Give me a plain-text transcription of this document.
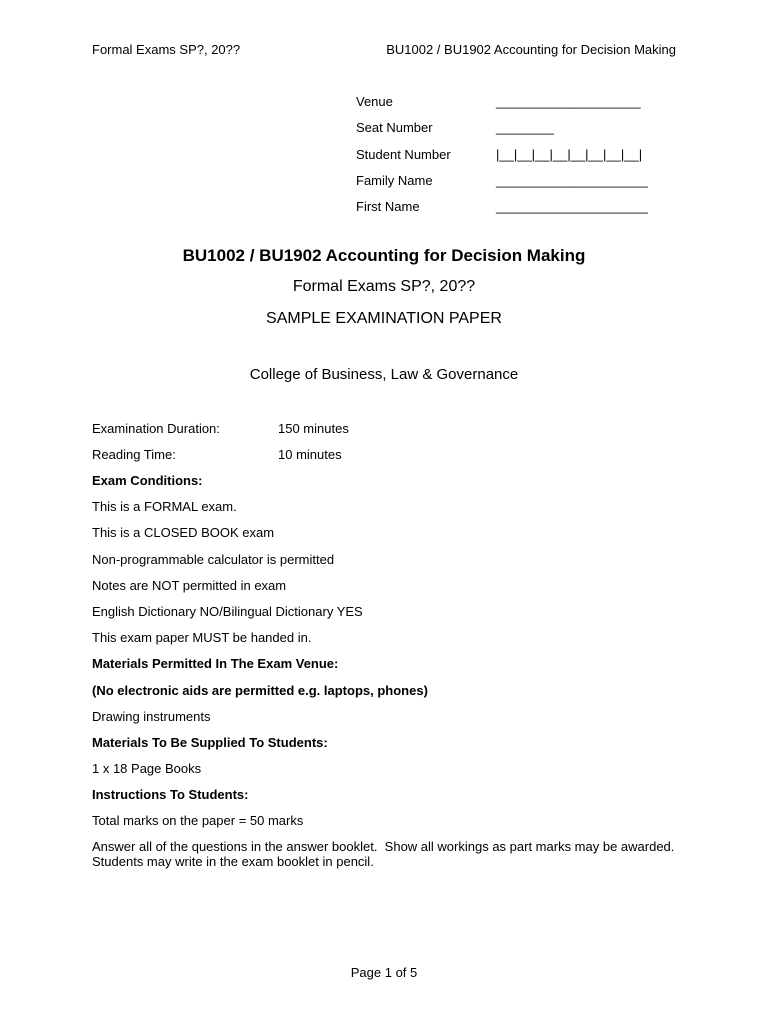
Formal Exams SP?, 20??	BU1002 / BU1902 Accounting for Decision Making
Venue	____________________
Seat Number	________
Student Number	|__|__|__|__|__|__|__|__|
Family Name	_____________________
First Name	_____________________
BU1002 / BU1902 Accounting for Decision Making
Formal Exams SP?, 20??
SAMPLE EXAMINATION PAPER
College of Business, Law & Governance
Examination Duration:	150 minutes
Reading Time:	10 minutes
Exam Conditions:
This is a FORMAL exam.
This is a CLOSED BOOK exam
Non-programmable calculator is permitted
Notes are NOT permitted in exam
English Dictionary NO/Bilingual Dictionary YES
This exam paper MUST be handed in.
Materials Permitted In The Exam Venue:
(No electronic aids are permitted e.g. laptops, phones)
Drawing instruments
Materials To Be Supplied To Students:
1 x 18 Page Books
Instructions To Students:
Total marks on the paper = 50 marks
Answer all of the questions in the answer booklet.  Show all workings as part marks may be awarded.
Students may write in the exam booklet in pencil.
Page 1 of 5
